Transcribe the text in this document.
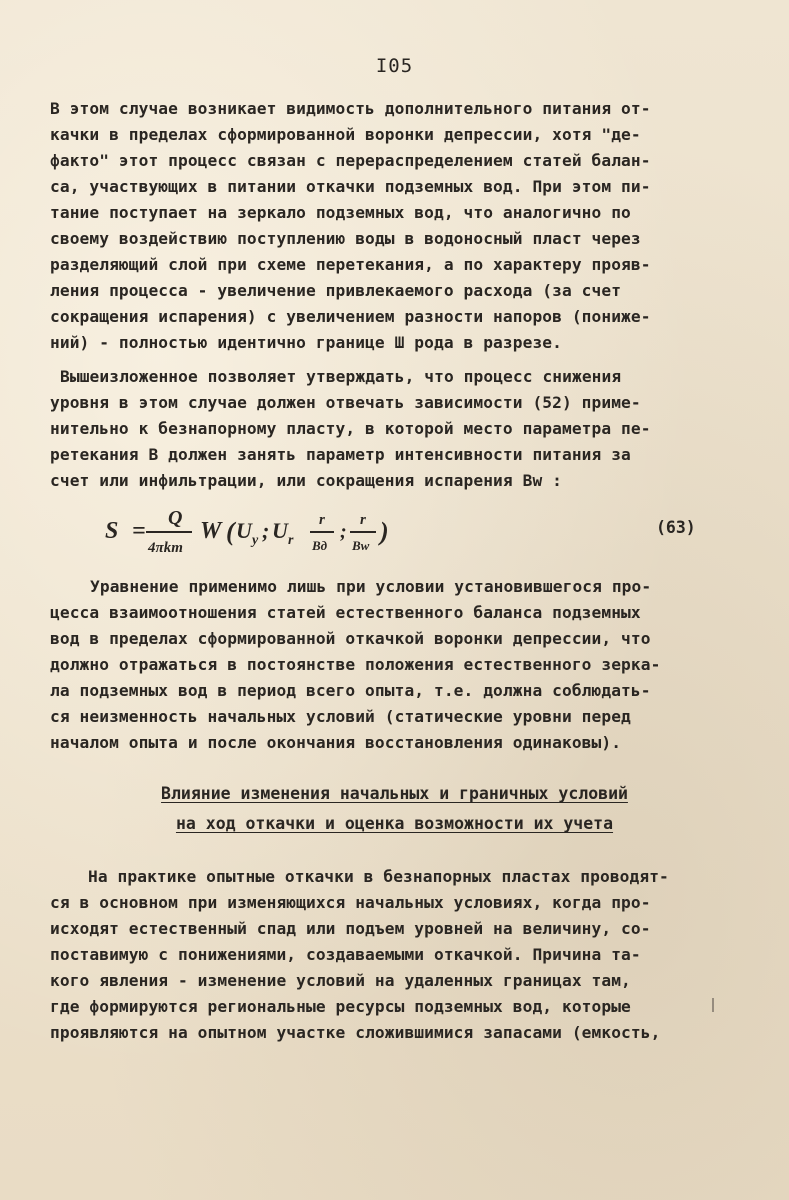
I05
В этом случае возникает видимость дополнительного питания от-
качки в пределах сформированной воронки депрессии, хотя "де-
факто" этот процесс связан с перераспределением статей балан-
са, участвующих в питании откачки подземных вод. При этом пи-
тание поступает на зеркало подземных вод, что аналогично по
своему воздействию поступлению воды в водоносный пласт через
разделяющий слой при схеме перетекания, а по характеру прояв-
ления процесса - увеличение привлекаемого расхода (за счет
сокращения испарения) с увеличением разности напоров (пониже-
ний) - полностью идентично границе Ш рода в разрезе.
Вышеизложенное позволяет утверждать, что процесс снижения
уровня в этом случае должен отвечать зависимости (52) приме-
нительно к безнапорному пласту, в которой место параметра пе-
ретекания B должен занять параметр интенсивности питания за
счет или инфильтрации, или сокращения испарения Bw :
S = Q
4πkm
W ( U y ; U r
r
Bд
;
r
Bw )	(63)
Уравнение применимо лишь при условии установившегося про-
цесса взаимоотношения статей естественного баланса подземных
вод в пределах сформированной откачкой воронки депрессии, что
должно отражаться в постоянстве положения естественного зерка-
ла подземных вод в период всего опыта, т.е. должна соблюдать-
ся неизменность начальных условий (статические уровни перед
началом опыта и после окончания восстановления одинаковы).
Влияние изменения начальных и граничных условий
на ход откачки и оценка возможности их учета
На практике опытные откачки в безнапорных пластах проводят-
ся в основном при изменяющихся начальных условиях, когда про-
исходят естественный спад или подъем уровней на величину, со-
поставимую с понижениями, создаваемыми откачкой. Причина та-
кого явления - изменение условий на удаленных границах там,
где формируются региональные ресурсы подземных вод, которые
проявляются на опытном участке сложившимися запасами (емкость,
